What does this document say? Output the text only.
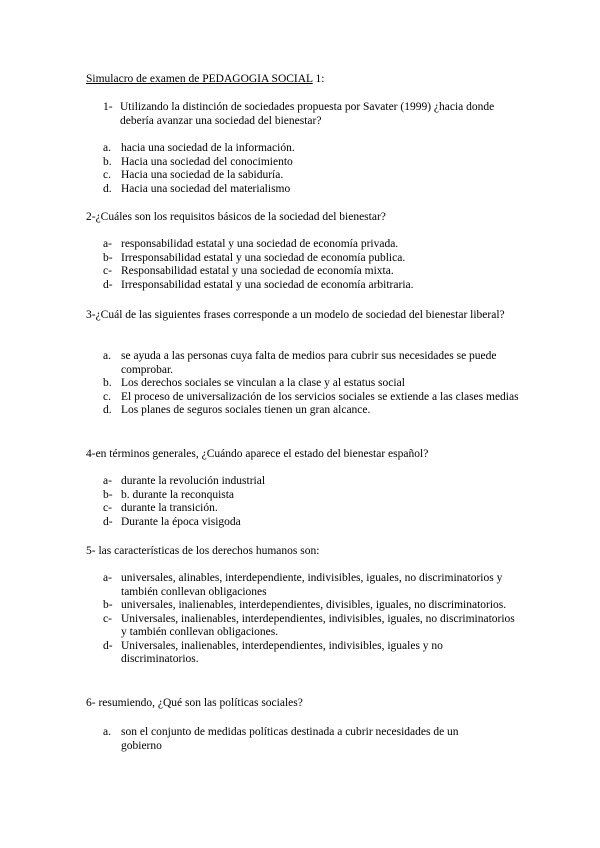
Simulacro de examen de PEDAGOGIA SOCIAL 1:
1- Utilizando la distinción de sociedades propuesta por Savater (1999) ¿hacia donde debería avanzar una sociedad del bienestar?
a. hacia una sociedad de la información.
b. Hacia una sociedad del conocimiento
c. Hacia una sociedad de la sabiduría.
d. Hacia una sociedad del materialismo
2-¿Cuáles son los requisitos básicos de la sociedad del bienestar?
a- responsabilidad estatal y una sociedad de economía privada.
b- Irresponsabilidad estatal y una sociedad de economía publica.
c- Responsabilidad estatal y una sociedad de economía mixta.
d- Irresponsabilidad estatal y una sociedad de economía arbitraria.
3-¿Cuál de las siguientes frases corresponde a un modelo de sociedad del bienestar liberal?
a. se ayuda a las personas cuya falta de medios para cubrir sus necesidades se puede comprobar.
b. Los derechos sociales se vinculan a la clase y al estatus social
c. El proceso de universalización de los servicios sociales se extiende a las clases medias
d. Los planes de seguros sociales tienen un gran alcance.
4-en términos generales, ¿Cuándo aparece el estado del bienestar español?
a- durante la revolución industrial
b- b. durante la reconquista
c- durante la transición.
d- Durante la época visigoda
5- las características de los derechos humanos son:
a- universales, alinables, interdependiente, indivisibles, iguales, no discriminatorios y también conllevan obligaciones
b- universales, inalienables, interdependientes, divisibles, iguales, no discriminatorios.
c- Universales, inalienables, interdependientes, indivisibles, iguales, no discriminatorios y también conllevan obligaciones.
d- Universales, inalienables, interdependientes, indivisibles, iguales y no discriminatorios.
6- resumiendo, ¿Qué son las políticas sociales?
a. son el conjunto de medidas políticas destinada a cubrir necesidades de un gobierno
